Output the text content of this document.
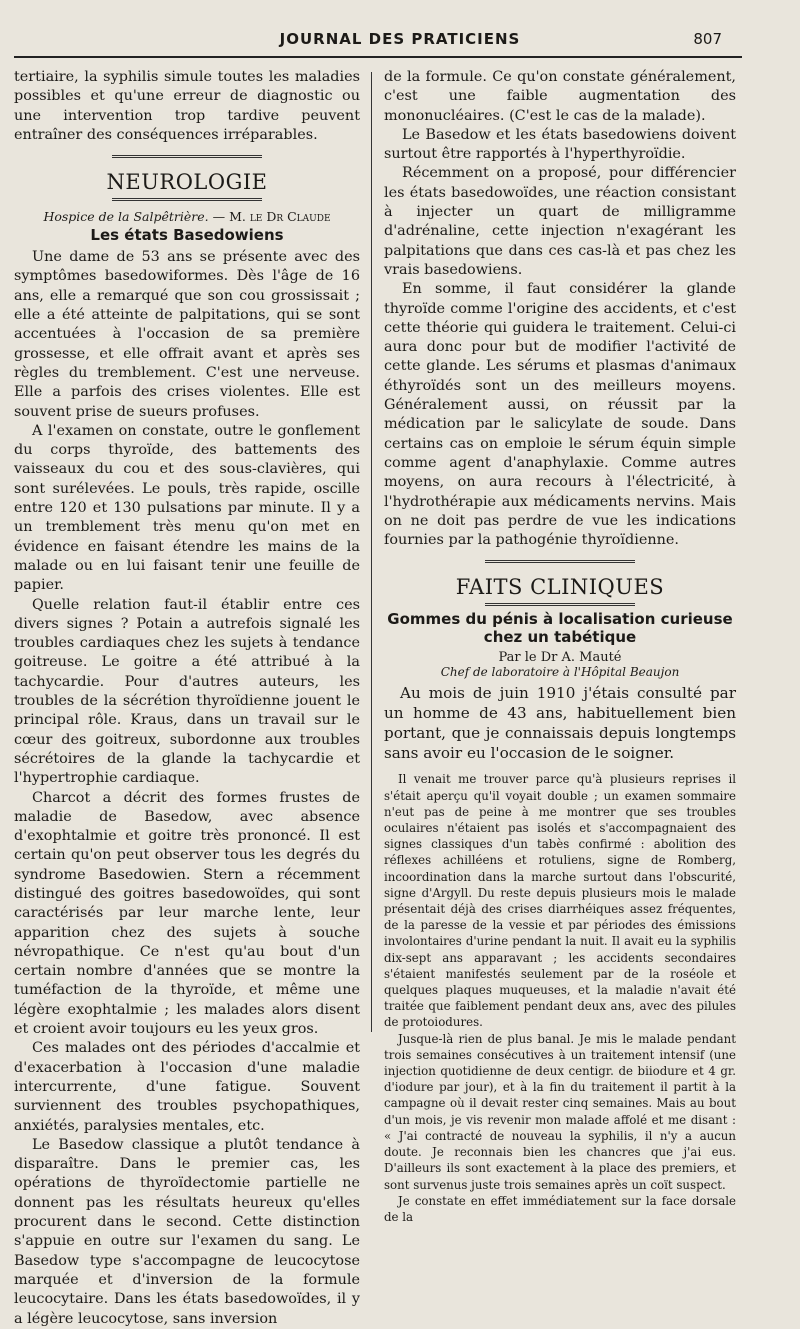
JOURNAL DES PRATICIENS	807

tertiaire, la syphilis simule toutes les maladies possibles et qu'une erreur de diagnostic ou une intervention trop tardive peuvent entraîner des conséquences irréparables.

NEUROLOGIE
Hospice de la Salpêtrière. — M. le Dr Claude
Les états Basedowiens

Une dame de 53 ans se présente avec des symptômes basedowiformes. Dès l'âge de 16 ans, elle a remarqué que son cou grossissait ; elle a été atteinte de palpitations, qui se sont accentuées à l'occasion de sa première grossesse, et elle offrait avant et après ses règles du tremblement. C'est une nerveuse. Elle a parfois des crises violentes. Elle est souvent prise de sueurs profuses.

A l'examen on constate, outre le gonflement du corps thyroïde, des battements des vaisseaux du cou et des sous-clavières, qui sont surélevées. Le pouls, très rapide, oscille entre 120 et 130 pulsations par minute. Il y a un tremblement très menu qu'on met en évidence en faisant étendre les mains de la malade ou en lui faisant tenir une feuille de papier.

Quelle relation faut-il établir entre ces divers signes ? Potain a autrefois signalé les troubles cardiaques chez les sujets à tendance goitreuse. Le goitre a été attribué à la tachycardie. Pour d'autres auteurs, les troubles de la sécrétion thyroïdienne jouent le principal rôle. Kraus, dans un travail sur le cœur des goitreux, subordonne aux troubles sécrétoires de la glande la tachycardie et l'hypertrophie cardiaque.

Charcot a décrit des formes frustes de maladie de Basedow, avec absence d'exophtalmie et goitre très prononcé. Il est certain qu'on peut observer tous les degrés du syndrome Basedowien. Stern a récemment distingué des goitres basedowoïdes, qui sont caractérisés par leur marche lente, leur apparition chez des sujets à souche névropathique. Ce n'est qu'au bout d'un certain nombre d'années que se montre la tuméfaction de la thyroïde, et même une légère exophtalmie ; les malades alors disent et croient avoir toujours eu les yeux gros.

Ces malades ont des périodes d'accalmie et d'exacerbation à l'occasion d'une maladie intercurrente, d'une fatigue. Souvent surviennent des troubles psychopathiques, anxiétés, paralysies mentales, etc.

Le Basedow classique a plutôt tendance à disparaître. Dans le premier cas, les opérations de thyroïdectomie partielle ne donnent pas les résultats heureux qu'elles procurent dans le second. Cette distinction s'appuie en outre sur l'examen du sang. Le Basedow type s'accompagne de leucocytose marquée et d'inversion de la formule leucocytaire. Dans les états basedowoïdes, il y a légère leucocytose, sans inversion

de la formule. Ce qu'on constate généralement, c'est une faible augmentation des mononucléaires. (C'est le cas de la malade).

Le Basedow et les états basedowiens doivent surtout être rapportés à l'hyperthyroïdie.

Récemment on a proposé, pour différencier les états basedowoïdes, une réaction consistant à injecter un quart de milligramme d'adrénaline, cette injection n'exagérant les palpitations que dans ces cas-là et pas chez les vrais basedowiens.

En somme, il faut considérer la glande thyroïde comme l'origine des accidents, et c'est cette théorie qui guidera le traitement. Celui-ci aura donc pour but de modifier l'activité de cette glande. Les sérums et plasmas d'animaux éthyroïdés sont un des meilleurs moyens. Généralement aussi, on réussit par la médication par le salicylate de soude. Dans certains cas on emploie le sérum équin simple comme agent d'anaphylaxie. Comme autres moyens, on aura recours à l'électricité, à l'hydrothérapie aux médicaments nervins. Mais on ne doit pas perdre de vue les indications fournies par la pathogénie thyroïdienne.

FAITS CLINIQUES
Gommes du pénis à localisation curieuse
chez un tabétique
Par le Dr A. Mauté
Chef de laboratoire à l'Hôpital Beaujon

Au mois de juin 1910 j'étais consulté par un homme de 43 ans, habituellement bien portant, que je connaissais depuis longtemps sans avoir eu l'occasion de le soigner.

Il venait me trouver parce qu'à plusieurs reprises il s'était aperçu qu'il voyait double ; un examen sommaire n'eut pas de peine à me montrer que ses troubles oculaires n'étaient pas isolés et s'accompagnaient des signes classiques d'un tabès confirmé : abolition des réflexes achilléens et rotuliens, signe de Romberg, incoordination dans la marche surtout dans l'obscurité, signe d'Argyll. Du reste depuis plusieurs mois le malade présentait déjà des crises diarrhéiques assez fréquentes, de la paresse de la vessie et par périodes des émissions involontaires d'urine pendant la nuit. Il avait eu la syphilis dix-sept ans apparavant ; les accidents secondaires s'étaient manifestés seulement par de la roséole et quelques plaques muqueuses, et la maladie n'avait été traitée que faiblement pendant deux ans, avec des pilules de protoiodures.

Jusque-là rien de plus banal. Je mis le malade pendant trois semaines consécutives à un traitement intensif (une injection quotidienne de deux centigr. de biiodure et 4 gr. d'iodure par jour), et à la fin du traitement il partit à la campagne où il devait rester cinq semaines. Mais au bout d'un mois, je vis revenir mon malade affolé et me disant : « J'ai contracté de nouveau la syphilis, il n'y a aucun doute. Je reconnais bien les chancres que j'ai eus. D'ailleurs ils sont exactement à la place des premiers, et sont survenus juste trois semaines après un coït suspect.

Je constate en effet immédiatement sur la face dorsale de la
